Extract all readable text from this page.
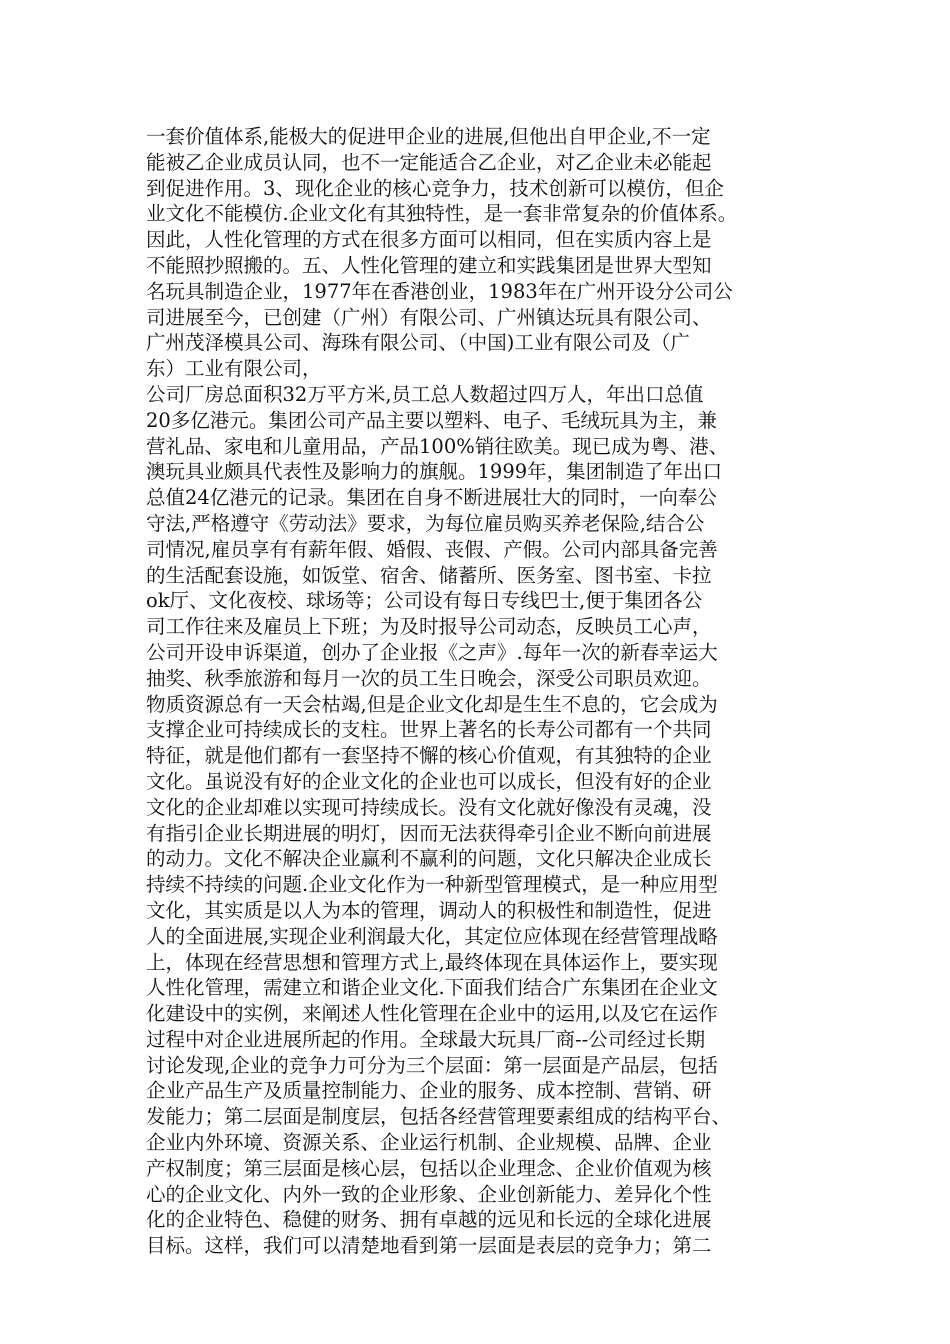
一套价值体系,能极大的促进甲企业的进展,但他出自甲企业,不一定
能被乙企业成员认同，也不一定能适合乙企业，对乙企业未必能起
到促进作用。3、现化企业的核心竞争力，技术创新可以模仿，但企
业文化不能模仿.企业文化有其独特性，是一套非常复杂的价值体系。
因此，人性化管理的方式在很多方面可以相同，但在实质内容上是
不能照抄照搬的。五、人性化管理的建立和实践集团是世界大型知
名玩具制造企业，1977年在香港创业，1983年在广州开设分公司公
司进展至今，已创建（广州）有限公司、广州镇达玩具有限公司、
广州茂泽模具公司、海珠有限公司、（中国)工业有限公司及（广
东）工业有限公司，
公司厂房总面积32万平方米,员工总人数超过四万人，年出口总值
20多亿港元。集团公司产品主要以塑料、电子、毛绒玩具为主，兼
营礼品、家电和儿童用品，产品100%销往欧美。现已成为粤、港、
澳玩具业颇具代表性及影响力的旗舰。1999年，集团制造了年出口
总值24亿港元的记录。集团在自身不断进展壮大的同时，一向奉公
守法,严格遵守《劳动法》要求，为每位雇员购买养老保险,结合公
司情况,雇员享有有薪年假、婚假、丧假、产假。公司内部具备完善
的生活配套设施，如饭堂、宿舍、储蓄所、医务室、图书室、卡拉
ok厅、文化夜校、球场等；公司设有每日专线巴士,便于集团各公
司工作往来及雇员上下班；为及时报导公司动态，反映员工心声，
公司开设申诉渠道，创办了企业报《之声》.每年一次的新春幸运大
抽奖、秋季旅游和每月一次的员工生日晚会，深受公司职员欢迎。
物质资源总有一天会枯竭,但是企业文化却是生生不息的，它会成为
支撑企业可持续成长的支柱。世界上著名的长寿公司都有一个共同
特征，就是他们都有一套坚持不懈的核心价值观，有其独特的企业
文化。虽说没有好的企业文化的企业也可以成长，但没有好的企业
文化的企业却难以实现可持续成长。没有文化就好像没有灵魂，没
有指引企业长期进展的明灯，因而无法获得牵引企业不断向前进展
的动力。文化不解决企业赢利不赢利的问题，文化只解决企业成长
持续不持续的问题.企业文化作为一种新型管理模式，是一种应用型
文化，其实质是以人为本的管理，调动人的积极性和制造性，促进
人的全面进展,实现企业利润最大化，其定位应体现在经营管理战略
上，体现在经营思想和管理方式上,最终体现在具体运作上，要实现
人性化管理，需建立和谐企业文化.下面我们结合广东集团在企业文
化建设中的实例，来阐述人性化管理在企业中的运用,以及它在运作
过程中对企业进展所起的作用。全球最大玩具厂商--公司经过长期
讨论发现,企业的竞争力可分为三个层面：第一层面是产品层，包括
企业产品生产及质量控制能力、企业的服务、成本控制、营销、研
发能力；第二层面是制度层，包括各经营管理要素组成的结构平台、
企业内外环境、资源关系、企业运行机制、企业规模、品牌、企业
产权制度；第三层面是核心层，包括以企业理念、企业价值观为核
心的企业文化、内外一致的企业形象、企业创新能力、差异化个性
化的企业特色、稳健的财务、拥有卓越的远见和长远的全球化进展
目标。这样，我们可以清楚地看到第一层面是表层的竞争力；第二
